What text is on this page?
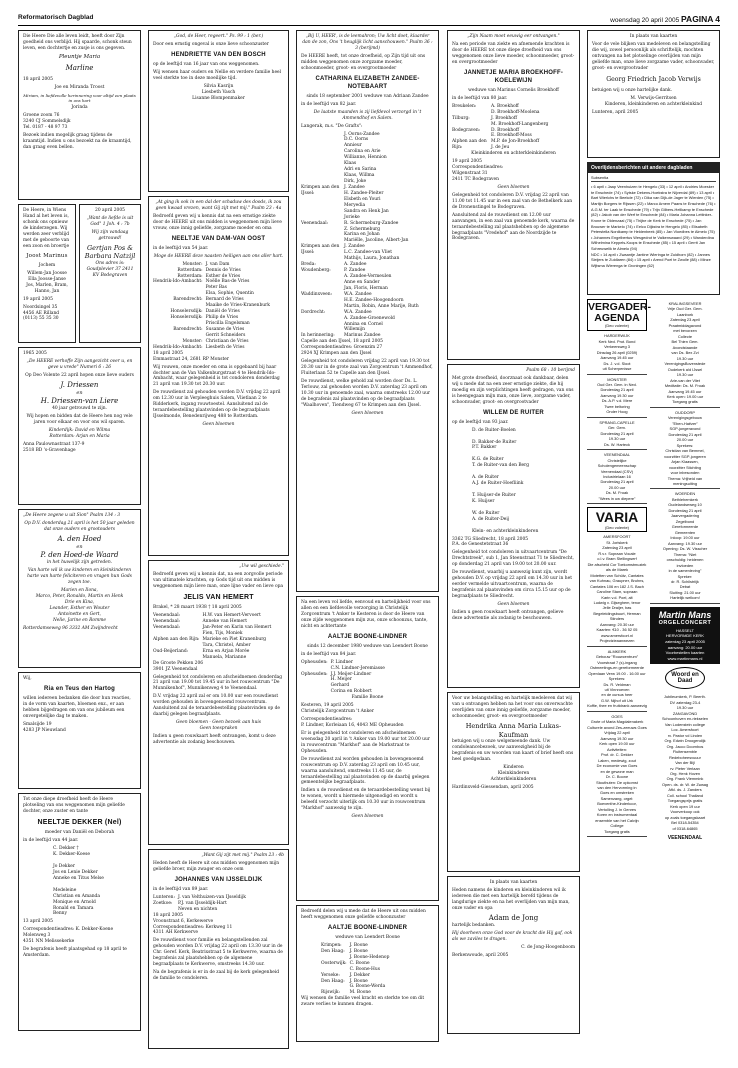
Reformatorisch Dagblad	woensdag 20 april 2005 PAGINA 4

Die Heere Die alle leven leidt, heeft door Zijn goedheid ons verblijd. Hij spaarde, schonk steun leven, een dochtertje en zusje is ons gegeven.

Pleuntje Maria
Marline

18 april 2005

Joe en Miranda Troost

Miriam, in liefdevolle herinnering voor altijd een plaats in ons hart

Jorinda

Groene zoom 76
3240 CJ Sommelsdijk
Tel. 0187 - 48 97 73

Bezoek indien mogelijk graag tijdens de kraamtijd. Indien u ons bezoekt na de kraamtijd, dan graag even bellen.

De Heere, in Wiens Hand al het leven is, schonk ons opnieuw de kinderzegen. Wij werden zeer verblijd met de geboorte van een zoon en broertje

Joost Marinus

Jochem

Willem-Jan Joosse
Ella Joosse-Janse
Jos, Marlen, Bram,
Hanno, Jan

19 april 2005

Noordsingel 35
4456 AE Rilland
(0113) 55 35 30

20 april 2005

„Want de liefde is uit God" 1 Joh. 4 : 7b

Wij zijn vandaag getrouwd!

Gertjan Pos & Barbara Natzijl

Ons adres is: Goudplevier 37 2411 KV Bodegraven

1965 2005

„De HEERE verhoffe Zijn aangezicht over u, en geve u vrede" Numeri 6 : 26

Op Deo Volente 22 april hopen onze lieve ouders

J. Driessen
en
H. Driessen-van Liere

40 jaar getrouwd te zijn.

Wij hopen en bidden dat de Heere hen nog vele jaren voor elkaar en voor ons wil sparen.

Kinderdijk: David en Wilma
Rotterdam: Arjan en Maria

Anna Paulownastraat 137-9
2518 BD 's-Gravenhage

„De Heere zegene u uit Sion" Psalm 134 : 3

Op D.V. donderdag 21 april is het 50 jaar geleden dat onze ouders en grootouders

A. den Hoed
en
P. den Hoed-de Waard

in het huwelijk zijn getreden.

Van harte wil ik uw kinderen en kleinkinderen harte van harte feliciteren en vragen hun Gods zegen toe.

Marien en Ilona,
Marco, Peter, Ronaldo, Martin en Henk
Drie en Kina,
Leander, Esther en Wouter
Antoinette en Gert,
Nelie, Jarine en Romme

Rotterdamseweg 96 3332 AM Zwijndrecht

Wij,

Ria en Teus den Hartog

willen iedereen bedanken die door hun reacties, in de vorm van kaarten, bloemen enz., er aan hebben bijgedragen om van ons jubileum een onvergetelijke dag te maken.

Smalsijde 19
4283 JP Nieuwland

Tot onze diepe droefheid heeft de Heere plotseling van ons weggenomen mijn geliefde dochter, onze zuster en tante

NEELTJE DEKKER (Nel)

moeder van Daniël en Deborah

in de leeftijd van 44 jaar.

C. Dekker †
K. Dekker-Koese

Jo Dekker
Jos en Lenie Dekker
Anneke en Titus Melse

Medeleine
Christian en Amanda
Monique en Arnold
Ronald en Tamara
Benny

13 april 2005

Correspondentieadres: K. Dekker-Koene
Molenweg 3
4351 NN Melissekerke

De begrafenis heeft plaatsgehad op 18 april te Amsterdam.

„God, de Heer, regeert." Ps. 99 : 1 (ber.)

Door een ernstig ongeval is onze lieve schoonzuster

HENDRIETTE VAN DEN BOSCH

op de leeftijd van 16 jaar van ons weggenomen.

Wij wensen haar ouders en Nellie en verdere familie heel veel sterkte toe in deze moeilijke tijd.

Silvia Kasrijn
Liesbeth Vasch
Lisanne Blompenmaker

„At ging ik ook in een dal der schaduw des doods, ik zou geen kwaad vrezen, want Gij zijt met mij." Psalm 23 : 4a

Bedroefd geven wij u kennis dat na een ernstige ziekte door de HEERE uit ons midden is weggenomen mijn lieve vrouw, onze innig geliefde, zorgzame moeder en oma

NEELTJE VAN DAM-VAN OOST

in de leeftijd van 54 jaar.

Moge de HEERE deze naasten heiligen aan ons aller hart.

Monster: J. van Dam
Rotterdam: Dennis de Vries
Rotterdam: Esther de Vries
Hendrik-Ido-Ambacht: Noëlle Bas-de Vries
Peter Bas
Elsa, Sophie, Quentin
Barendrecht: Bernard de Vries
Maaike de Vries-Kranenburk
Honselersdijk: Daniël de Vries
Honselersdijk: Philip de Vries
Priscilla Engelsman
Barendrecht: Susanne de Vries
Gerrit Schneiders
Monster: Christiaan de Vries
Hendrik-Ido-Ambacht: Liesbeth de Vries

18 april 2005
Emmastraat 24, 2681 RP Monster

Wij rouwen, onze moeder en oma is opgebaard bij haar dochter aan de Van Valkenburgstraat 4 te Hendrik-Ido-Ambacht, waar gelegenheid is tot condoleren donderdag 21 april van 19.30 tot 20.30 uur.

De rouwdienst zal gehouden worden D.V. vrijdag 22 april om 12.30 uur in Verpleeghuis Salem, Vlietlaan 2 te Ridderkerk, ingang rouwtoestel. Aansluitend zal de teraardebestelling plaatsvinden op de begraafplaats IJsselmonde, Benedenrijweg 488 te Rotterdam.

Geen bloemen

„Uw wil geschiede."

Bedroefd geven wij u kennis dat, na een zorgvolle periode van ultimatele krachten, op Gods tijd uit ons midden is weggenomen mijn lieve man, onze lijne vader en lieve opa

JELIS VAN HEMERT

Brakel, * 28 maart 1938 † 18 april 2005

Veenendaal:	H.W. van Hemert-Vervoert
Veenendaal:	Anneke van Hemert
Veenendaal:	Jan-Peter en Karin van Hemert
Fien, Tijs, Moniek
Alphen aan den Rijn: Marieke en Piet Kranenburg
Tara, Christel, Amber
Oud-Beijerland:	Erna en Arjan Morée
Manuela, Marianne

De Groote Pekken 206
3901 JZ Veenendaal

Gelegenheid tot condoleren en afscheidnemen donderdag 21 april van 19.00 tot 19.45 uur in het rouwcentrum "De Munnikenhof", Munnikenweg 4 te Veenendaal.

D.V. vrijdag 22 april zal er om 10.00 uur een rouwdienst worden gehouden in bovengenoemd rouwcentrum. Aansluitend zal de teraardebestelling plaatsvinden op de daarbij gelegen begraafplaats.

Geen bloemen - Geen bezoek aan huis
Geen toespraken

Indien u geen rouwkaart heeft ontvangen, komt u deze advertentie als zodanig beschouwen.

„Want Gij zijt met mij." Psalm 23 : 4b

Heden heeft de Heere uit ons midden weggenomen mijn geliefde broer, mijn zwager en onze oom

JOHANNES VAN IJSSELDIJK

in de leeftijd van 89 jaar.

Lunteren: J. van Velthuizen-van IJsseldijk
Zoetkoe:	P.J. van IJsseldijk-Hart
Neven en nichten

18 april 2005
Vroonstraat 6, Kerkewerve
Correspondentieadres: Kerkweg 11
4311 AH Kerkwerve

De rouwdienst voor familie en belangstellenden zal gehouden worden D.V. vrijdag 22 april om 13.30 uur in de Chr. Geref. Kerk, Beatrixstraat 5 te Kerkwerve, waarna de begrafenis zal plaatshebben op de algemene begraafplaats te Kerkwerve, omstreeks 14.30 uur.

Na de begrafenis is er in de zaal bij de kerk gelegenheid de familie te condoleren.

„Bij U, HEER', is de leemahron; Uw licht doet, klaarder dan de zon, Ons 't heuglijk licht aanschouwen." Psalm 36 : 3 (berijmd)

De HEERE heeft, tot onze droefheid, op Zijn tijd uit ons midden weggenomen onze zorgzame moeder, schoonmoeder, groot- en overgrootmoeder

CATHARINA ELIZABETH ZANDEE-NOTEBAART

sinds 18 september 2001 weduwe van Adriaan Zandee

in de leeftijd van 82 jaar.

De laatste maanden is zij liefdevol verzorgd in 't Ammendhof en Salem.

Langerak, m.s. "De Grafts":

J. Oorns-Zandee
D.C. Oorns
Annieur
Carolina en Arie
Willianne, Hennion
Klaas
Adri en Sarina
Klaas, Willma
Dirk, Joke
Krimpen aan den IJssel:
J. Zandee
H. Zandee-Pleiter
Elsbeth en Youri
Meryedia
Sandra en Henk Jan
Jorieke
Veenendaal:	R. Schermeburg-Zandee
Z. Schermeburg
Karina en Johan
Mariëlle, Jacoline, Albert-Jan
Krimpen aan den IJssel:
J. Zandee
L.C. Zandee-van Vliet
Mathijs, Laura, Jonathan
Breda:	A. Zandee
Woudenberg:	P. Zandee
A. Zandee-Vermeulen
Anne en Sander
Jan, Floris, Herman
Waddinxveen:	W.A. Zandee
H.E. Zandee-Hoogendoorn
Martin, Robin, Anne Marije, Ruth
Dordrecht:	W.A. Zandee
A. Zandee-Groenewold
Annina en Cornel
Willemijn
In herinnering:	Marinus Zandee

Capelle aan den IJssel, 18 april 2005
Correspondentieadres: Groenzim 27
2924 XJ Krimpen aan den IJssel

Gelegenheid tot condoleren vrijdag 22 april van 19.30 tot 20.30 uur in de grote zaal van Zorgcentrum 't Ammendhof, Fluiterlaan 52 te Capelle aan den IJssel.

De rouwdienst, welke gehold zal worden door Ds. L. Terlouw, zal gehouden worden D.V. zaterdag 23 april om 10.30 uur in genoemde zaal, waarna omstreeks 12.00 uur de begrafenis zal plaatsvinden op de begraafplaats "Waalhoven", Tiendweg 67 te Krimpen aan den IJssel.

Geen bloemen

Na een leven vol liefde, eenvoud en hartelijkheid voor ons allen en een liefdevolle verzorging in Christelijk Zorgcentrum 't Anker te Kesteren is door de Heere van onze zijde weggenomen mijn zus, onze schoonzus, tante, nicht en achtertante

AALTJE BOONE-LINDNER

sinds 12 december 1980 weduwe van Leendert Boone

in de leeftijd van 84 jaar.

Opheusden: P. Lindner
C.N. Lindner-Jeremiasse
Opheusden: J.J. Meijer-Lindner
H. Meijer
Gerhard
Corina en Robbert

Familie Boone

Kesteren, 19 april 2005
Christelijk Zorgcentrum 't Anker

Correspondentieadres:
P. Lindner, Korleiaan 16, 4043 ME Opheusden

Er is gelegenheid tot condoleren en afscheidnemen woensdag 20 april in 't Anker van 19.00 uur tot 20.00 uur in rouwcentrum "Markhof" aan de Markstraat te Opheusden.

De rouwdienst zal worden gehouden in bovengenoemd rouwcentrum op D.V. zaterdag 23 april om 10.45 uur, waarna aansluitend, omstreeks 11.45 uur, de teraardebestelling zal plaatsvinden op de daarbij gelegen gemeentelijke begraafplaats.

Indien u de rouwdienst en de teraardebestelling wenst bij te wonen, wordt u hiermede uitgenodigd en wordt u beleefd verzocht uiterlijk om 10.30 uur in rouwcentrum "Markhof" aanwezig te zijn.

Geen bloemen

Bedroefd delen wij u mede dat de Heere uit ons midden heeft weggenomen onze geliefde schoonzuster

AALTJE BOONE-LINDNER

weduwe van Leendert Boone

Krimpen:	J. Boone
Den Haag:	J. Boone
J. Boone-Hedenop
Oosterwijk: C. Boone
C. Boone-Hus
Yerseke:	J. Dekker
Den Haag:	J. Boone
G. Boone-Werda
Rijswijk:	M. Boone

Wij wensen de familie veel kracht en sterkte toe om dit zware verlies te kunnen dragen.

„Zijn Naam moet eeuwig eer ontvangen."

Na een periode van ziekte en afnemende krachten is door de HEERE tot onze diepe droefheid van ons weggenomen onze lieve moeder, schoonmoeder, groot- en overgrootmoeder

JANNETJE MARIA BROEKHOFF-KOELEWIJN

weduwe van Marinus Cornelis Broekhoff

in de leeftijd van 80 jaar.

Breukelen:	A. Broekhoff
D. Broekhoff-Moolena
Tilburg:	J. Broekhoff
M. Broekhoff-Langenberg
Bodegraven:	D. Broekhoff
E. Broekhoff-Moss
Alphen aan den Rijn:
M.P. de Jon-Broekhoff
J. de Jeu

Kleinkinderen en achterkleinkinderen

19 april 2005
Correspondentieadres:
Wilgenstraat 31
2411 TC Bodegraven

Geen bloemen

Gelegenheid tot condoleren D.V. vrijdag 22 april van 11.00 tot 11.45 uur in een zaal van de Bethelkerk aan de Dronenstingel te Bodegraven.

Aansluitend zal de rouwdienst om 12.00 uur aanvangen, in een zaal van genoemde kerk, waarna de teraardebestelling zal plaatshebben op de algemene begraafplaats "Vredehof" aan de Noordzijde te Bodegraven.

Psalm 68 : 10 berijmd

Met grote droefheid, doorznaat ook dankbaar, delen wij u mede dat na een zeer ernstige ziekte, die hij moedig en zijn verplichtingen heeft gedragen, van ons is heengegaan mijn man, onze lieve, zorgzame vader, schoonvader, groot- en overgrootvader

WILLEM DE RUITER

op de leeftijd van 93 jaar.

D. de Ruiter-Boelen

D. Bakker-de Ruiter
P.T. Bakker

K.G. de Ruiter
T. de Ruiter-van den Berg

A. de Ruiter
A.J. de Ruiter-Hoefliink

T. Huijser-de Ruiter
K. Huijser

W. de Ruiter
A. de Ruiter-Deij

Klein- en achterkleinkinderen

3362 TG Sliedrecht, 18 april 2005
P.A. de Genestetstraat 36

Gelegenheid tot condoleren in uitvaartcentrum "De Drechtstreek", sub 1, Jan Steenstraat 71 te Sliedrecht, op donderdag 21 april van 19.00 tot 20.00 uur.

De rouwdienst, waarbij u aanwezig kunt zijn, wordt gehouden D.V. op vrijdag 22 april om 14.30 uur in het eerder vermelde uitvaartcentrum, waarna de begrafenis zal plaatsvinden om circa 15.15 uur op de begraafplaats te Sliedrecht.

Geen bloemen

Indien u geen rouwkaart heeft ontvangen, gelieve deze advertentie als zodanig te beschouwen.

Voor uw belangstelling en hartelijk medeleven dat wij van u ontvangen hebben na het voor ons onverwachte overlijden van onze innig geliefde, zorgzame moeder, schoonmoeder, groot- en overgrootmoeder

Hendrika Anna Maria Lukas-Kaufman

betuigen wij u onze welgemeende dank. Uw condoleancebezoek, uw aanwezigheid bij de begrafenis en uw woorden van kaart of brief heeft ons heel goedgedaan.

Kinderen
Kleinkinderen
Achterkleinkinderen

Hardinxveld-Giessendam, april 2005

In plaats van kaarten

Heden namens de kinderen en kleinkinderen wil ik iedereen die met een hartelijk berefd tijdens de langdurige ziekte en na het overlijden van mijn man, onze vader en opa

Adam de Jong

hartelijk bedanken.

Hij doorheen onze God voor de kracht die Hij gaf, ook als we zaviles te dragen.

C. de Jong-Hoogenboom

Berkenwoude, april 2005

In plaats van kaarten

Voor de vele blijken van medeleven en belangstelling die wij, zowel persoonlijk als schriftelijk, mochten ontvangen na het plotselinge overlijden van mijn geliefde man, onze lieve zorgzame vader, schoonvader, groot- en overgrootvader

Georg Friedrich Jacob Verwijs

betuigen wij u onze hartelijke dank.

M. Verwijs-Gerritsen
Kinderen, kleinkinderen en achterkleinkind

Lunteren, april 2005

Overlijdensberichten uit andere dagbladen

Subsentia

• 6 april • Jaap Veenhuizen te Hengelo (33) • 12 april • Andries Moesker te Enschede (74) • Sytske Dekens-Hoekstra te Nijverdal (89) • 13 april • Bart Wierlchs te Beekde (72) • Dika van Dijk-de Jager te Wierden (75) • Martijn Borgers te Rijssen (22) • Marco Arnem Paans te Enschede (76) • A.G.M. ter Laak te Enschede (79) • Trijn Gilbers-Hellkamp te Enschede (82) • Jakob van der Werf te Enschede (84) • Maria Johanna Lettinker-Krone te Oldenzaal (75) • Thijbe de Kerk te Enschede (75) • Jan Brouwer te Markelo (74) • Eelco Dijkstra te Hengelo (85) • Elisabeth Peterstella Nordkamp te Heldenbeek (85) • Jan Vloedbes te Almelo (75) • Johannes Engelbertus Wesgedrot te Valkenswaard (29) • Wanderdina Wilhelmina Keppels-Koops te Enschede (85) • 15 april • Gerrit Jan Schreuwelik te Almelo (94)

NDC • 14 april • Zwaantje Jantine Wieringa te Zuidhorn (82) • Jannes Sleijers te Zuidlaren (84) • 15 april • Arend Poel te Zwolle (88) • Minze Wijtsma Wierenga te Groningen (62)

VERGADER-
AGENDA
(Deo volente)
HARDERWIJK
Kerk Ned. Prot. Bond
Verkeersweg 3
Dinsdag 26 april (0259)
Aanvang 19.45 uur
Ds. J. v.d. Sloot
uit Scherpenisse
MONSTER
Oud Ger. Gem. in Ned.
Donderdag 21 april
Aanvang 19.30 uur
Ds. A.P. v.d. Mere
Twee beltoring
Onder Hoog
SPRANG-CAPELLE
Ger. Gem.
Donderdag 21 april
19.30 uur
Ds. W. Harteck
VEENENDAAL
Christelijke
Scholengemeenschap
Veenendaal (CSV)
Industrielaan 16
Donderdag 21 april
20.00 uur
Ds. M. Froak
"Wees in uw diepere"
VARIA
(Deo volente)
AMERSFOORT
St. Joriskerk
Zaterdag 23 april
R.v.r. Sopraan Vocale
o.l.v. Bram Stellingwerf
Die afscheid Cor Toekomstmuziek
als de Marek
Motetten van Schütz, Cantates van Kuhnau, Graupner, Bruhns, Cantates 106 en 182 J.S. Bach
Caroline Stam, sopraan
Karin v.d. Poel, alt
Ludwig v. Gijseghem, tenor
Jelle Draijer, bas
Begeleidingsbuurt, Herman Stinders
Aanvang: 20.30 uur
Kaarten: €10 - 36 52 05
www.amersfoort.nl
Projectzieaanwezen
ALMKERK
Gebouw "Rouwcentrum"
Voorstraat 7 (s)-ingang
Ostmeetings-en gereformeerde
Openlaan Verw 19.00 - 16.00 uur
Sprekers:
Ds. R. Veldman
uit Vinnroeven
en de cursus heer
G.W. Nijhof uit Urk
Koffie, thee en fruitdrank aanwezig
GOES
Grote of Maria Magdalenakerk
Culturele avond Zes-zeeuws Goes
Vrijdag 22 april
Aanvang 19.30 uur
Kerk open 19.00 uur
Activiteiten:
Prof. dr. C. Dekker
Laken, medewig, zout
De economie van Goes
en de gewone man
Dr. C. Boone
Stouthuten: De opkomst
van den Hervorming in
Goes en omstreken
Samenzang, orgel:
Boeventhe-Kinderkoor,
Vertolling J. in Genres
Koren en instrumentaal
ensemble van het Calvijn
College
Toegang gratis
KRALINGSEVEER
Vrije Oud Ger. Gem.
Laanbork
Zaterdag 23 april
Praatmiddagavond
met bevorzen
Collecte
Bel Thien Gem.
Avondstaande
van Ds. Bex Zvi
19.30 uur
VerenigingsBovenstede
Oudekerk a/d IJssel
19.30 uur
Arie-van der Vliet
Meditatie: Ds. M. Froak
Aanvang 19.45 uur
Kerk open: 19.00 uur
Toegang gratis
OUDDORP
Verenigingsgebouw
"Eben-Haëzer"
SGP-jongeravond
Donderdag 21 april
20.00 uur
Sprekers:
Christian van Bemmel,
voorzitter SGP-jongeren
Arjan Klaassen,
voorzitter Stichting
voor inbesonden
Thema: Vrijheid van
meningsuiting
WOERDEN
Bethlehemkerk
Oudelandseweg 10
Donderdag 21 april
Jaarvergadering
Zegelbond
Gereformeerde
Gemeenten
Inloop: 19.00 uur
Aanvang: 19.30 uur
Opening: Ds. W. Visscher
Thema: "Niet
onschuldig: heidenen
invloeden
in de samenleving"
Spreker:
dr. R. Schilstriijk
Debat
Sluiting: 21.00 uur
Hartelijk welkom!
Martin Mans
ORGELCONCERT
HASSELT
HERVORMDE KERK
zaterdag 23 april 2005
aanvang: 20.00 uur
Voorbestellen kaarten
www.martinmans.nl
Woord en Daad
Jubileumkerk, P. Beerth.
DV zaterdag 23-4
19.30 uur
ZANGAVOND
Schoonhoven en-riekselen
Van Lodenstein college
Loc. Amersfoort
rv. Pastor vd Linden
Org. Edwin Droogendijk
Org. Jacco Doornbos
Fluitensemble
Redeboheesvuuur
Van der Bijl
rv. Pieter Verlaan
Org. Henk Hoven
Org. Frank Vlemmink
Open. ds. dr. W. de Zwaag
Afkl. ds. J. Zanders
Coll. school Thailand
Toegangsprijs gratis
Kerk open 19 uur
Voorverkoop ook
op zoals toegangskaart
Bel 0318-54354
of 0318-64865
VEENENDAAL
